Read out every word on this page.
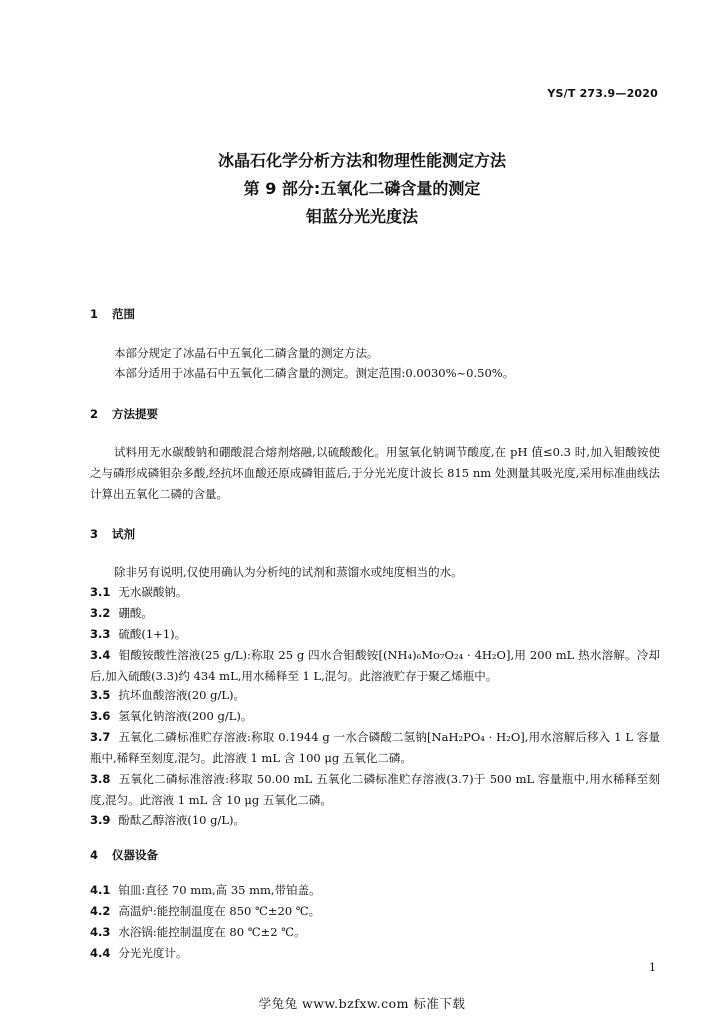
YS/T 273.9—2020
冰晶石化学分析方法和物理性能测定方法
第 9 部分:五氧化二磷含量的测定
钼蓝分光光度法
1 范围
本部分规定了冰晶石中五氧化二磷含量的测定方法。
本部分适用于冰晶石中五氧化二磷含量的测定。测定范围:0.0030%~0.50%。
2 方法提要
试料用无水碳酸钠和硼酸混合熔剂熔融,以硫酸酸化。用氢氧化钠调节酸度,在 pH 值≤0.3 时,加入钼酸铵使之与磷形成磷钼杂多酸,经抗坏血酸还原成磷钼蓝后,于分光光度计波长 815 nm 处测量其吸光度,采用标准曲线法计算出五氧化二磷的含量。
3 试剂
除非另有说明,仅使用确认为分析纯的试剂和蒸馏水或纯度相当的水。
3.1 无水碳酸钠。
3.2 硼酸。
3.3 硫酸(1+1)。
3.4 钼酸铵酸性溶液(25 g/L):称取 25 g 四水合钼酸铵[(NH₄)₆Mo₇O₂₄ · 4H₂O],用 200 mL 热水溶解。冷却后,加入硫酸(3.3)约 434 mL,用水稀释至 1 L,混匀。此溶液贮存于聚乙烯瓶中。
3.5 抗坏血酸溶液(20 g/L)。
3.6 氢氧化钠溶液(200 g/L)。
3.7 五氧化二磷标准贮存溶液:称取 0.1944 g 一水合磷酸二氢钠[NaH₂PO₄ · H₂O],用水溶解后移入 1 L 容量瓶中,稀释至刻度,混匀。此溶液 1 mL 含 100 μg 五氧化二磷。
3.8 五氧化二磷标准溶液:移取 50.00 mL 五氧化二磷标准贮存溶液(3.7)于 500 mL 容量瓶中,用水稀释至刻度,混匀。此溶液 1 mL 含 10 μg 五氧化二磷。
3.9 酚酞乙醇溶液(10 g/L)。
4 仪器设备
4.1 铂皿:直径 70 mm,高 35 mm,带铂盖。
4.2 高温炉:能控制温度在 850 ℃±20 ℃。
4.3 水浴锅:能控制温度在 80 ℃±2 ℃。
4.4 分光光度计。
1
学兔兔 www.bzfxw.com 标准下载
